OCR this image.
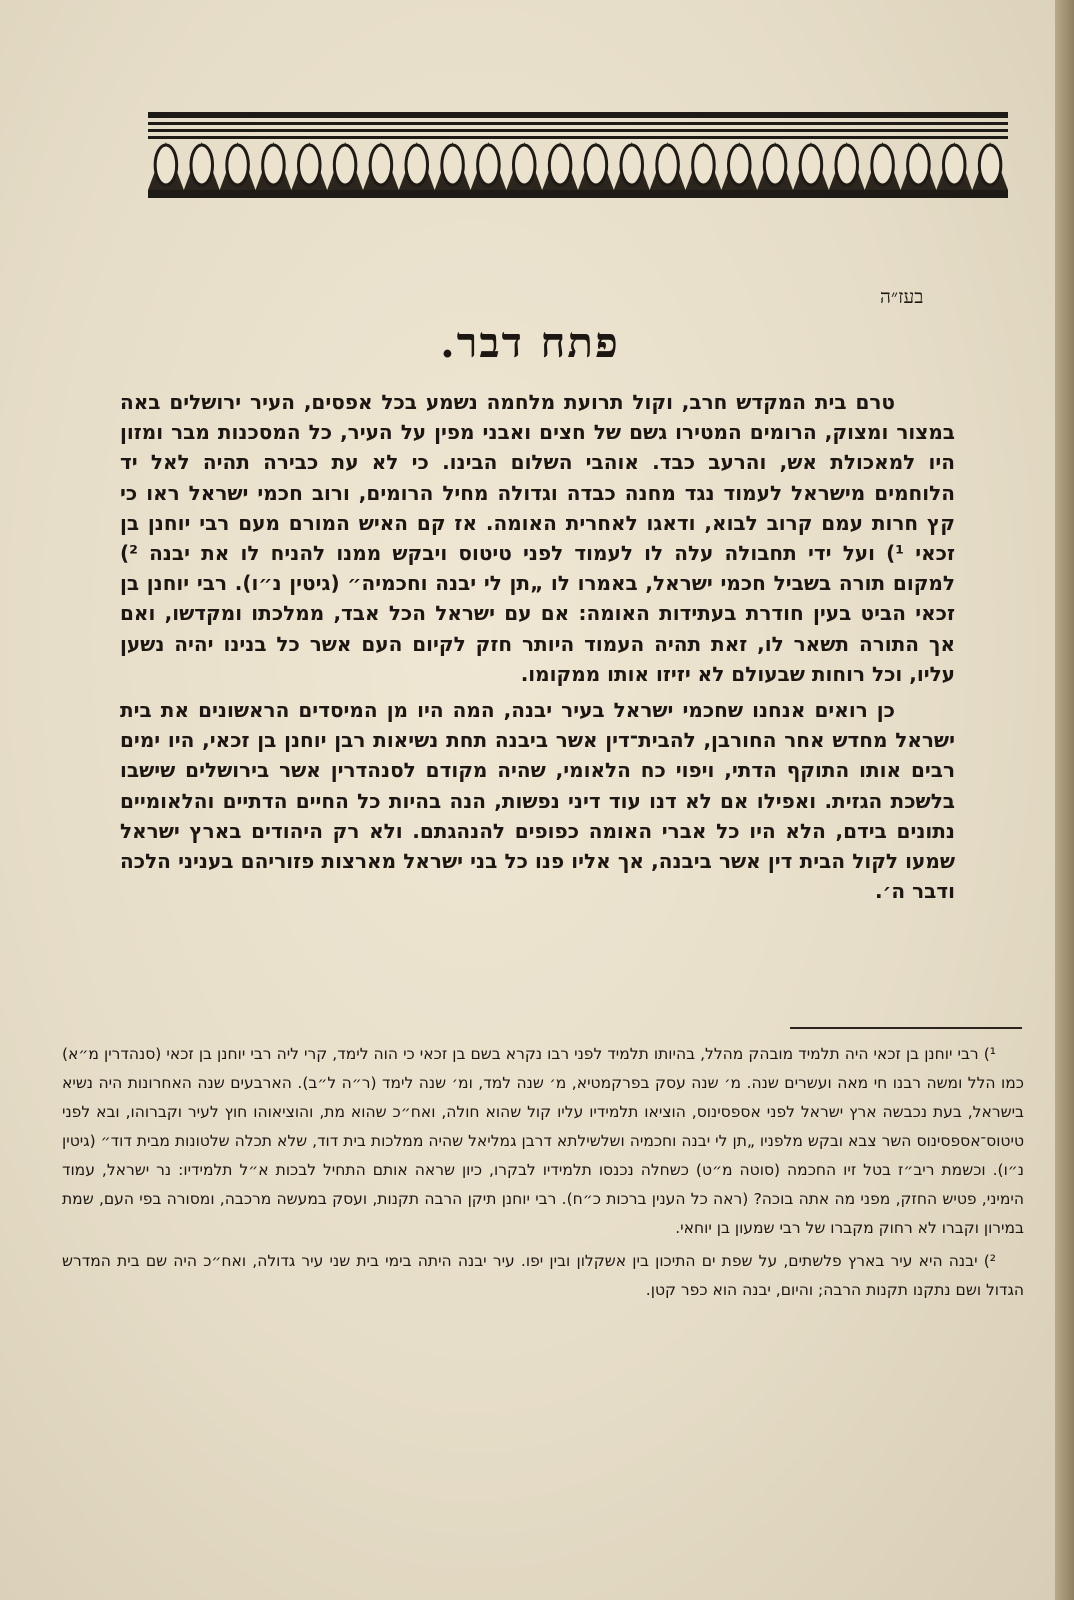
בעז״ה
פתח דבר.

טרם בית המקדש חרב, וקול תרועת מלחמה נשמע בכל אפסים, העיר ירושלים באה במצור ומצוק, הרומים המטירו גשם של חצים ואבני מפין על העיר, כל המסכנות מבר ומזון היו למאכולת אש, והרעב כבד. אוהבי השלום הבינו. כי לא עת כבירה תהיה לאל יד הלוחמים מישראל לעמוד נגד מחנה כבדה וגדולה מחיל הרומים, ורוב חכמי ישראל ראו כי קץ חרות עמם קרוב לבוא, ודאגו לאחרית האומה. אז קם האיש המורם מעם רבי יוחנן בן זכאי ¹) ועל ידי תחבולה עלה לו לעמוד לפני טיטוס ויבקש ממנו להניח לו את יבנה ²) למקום תורה בשביל חכמי ישראל, באמרו לו „תן לי יבנה וחכמיה״ (גיטין נ״ו). רבי יוחנן בן זכאי הביט בעין חודרת בעתידות האומה: אם עם ישראל הכל אבד, ממלכתו ומקדשו, ואם אך התורה תשאר לו, זאת תהיה העמוד היותר חזק לקיום העם אשר כל בנינו יהיה נשען עליו, וכל רוחות שבעולם לא יזיזו אותו ממקומו.

כן רואים אנחנו שחכמי ישראל בעיר יבנה, המה היו מן המיסדים הראשונים את בית ישראל מחדש אחר החורבן, להבית־דין אשר ביבנה תחת נשיאות רבן יוחנן בן זכאי, היו ימים רבים אותו התוקף הדתי, ויפוי כח הלאומי, שהיה מקודם לסנהדרין אשר בירושלים שישבו בלשכת הגזית. ואפילו אם לא דנו עוד דיני נפשות, הנה בהיות כל החיים הדתיים והלאומיים נתונים בידם, הלא היו כל אברי האומה כפופים להנהגתם. ולא רק היהודים בארץ ישראל שמעו לקול הבית דין אשר ביבנה, אך אליו פנו כל בני ישראל מארצות פזוריהם בעניני הלכה ודבר ה׳.

¹) רבי יוחנן בן זכאי היה תלמיד מובהק מהלל, בהיותו תלמיד לפני רבו נקרא בשם בן זכאי כי הוה לימד, קרי ליה רבי יוחנן בן זכאי (סנהדרין מ״א) כמו הלל ומשה רבנו חי מאה ועשרים שנה. מ׳ שנה עסק בפרקמטיא, מ׳ שנה למד, ומ׳ שנה לימד (ר״ה ל״ב). הארבעים שנה האחרונות היה נשיא בישראל, בעת נכבשה ארץ ישראל לפני אספסינוס, הוציאו תלמידיו עליו קול שהוא חולה, ואח״כ שהוא מת, והוציאוהו חוץ לעיר וקברוהו, ובא לפני טיטוס־אספסינוס השר צבא ובקש מלפניו „תן לי יבנה וחכמיה ושלשילתא דרבן גמליאל שהיה ממלכות בית דוד, שלא תכלה שלטונות מבית דוד״ (גיטין נ״ו). וכשמת ריב״ז בטל זיו החכמה (סוטה מ״ט) כשחלה נכנסו תלמידיו לבקרו, כיון שראה אותם התחיל לבכות א״ל תלמידיו: נר ישראל, עמוד הימיני, פטיש החזק, מפני מה אתה בוכה? (ראה כל הענין ברכות כ״ח). רבי יוחנן תיקן הרבה תקנות, ועסק במעשה מרכבה, ומסורה בפי העם, שמת במירון וקברו לא רחוק מקברו של רבי שמעון בן יוחאי.

²) יבנה היא עיר בארץ פלשתים, על שפת ים התיכון בין אשקלון ובין יפו. עיר יבנה היתה בימי בית שני עיר גדולה, ואח״כ היה שם בית המדרש הגדול ושם נתקנו תקנות הרבה; והיום, יבנה הוא כפר קטן.
